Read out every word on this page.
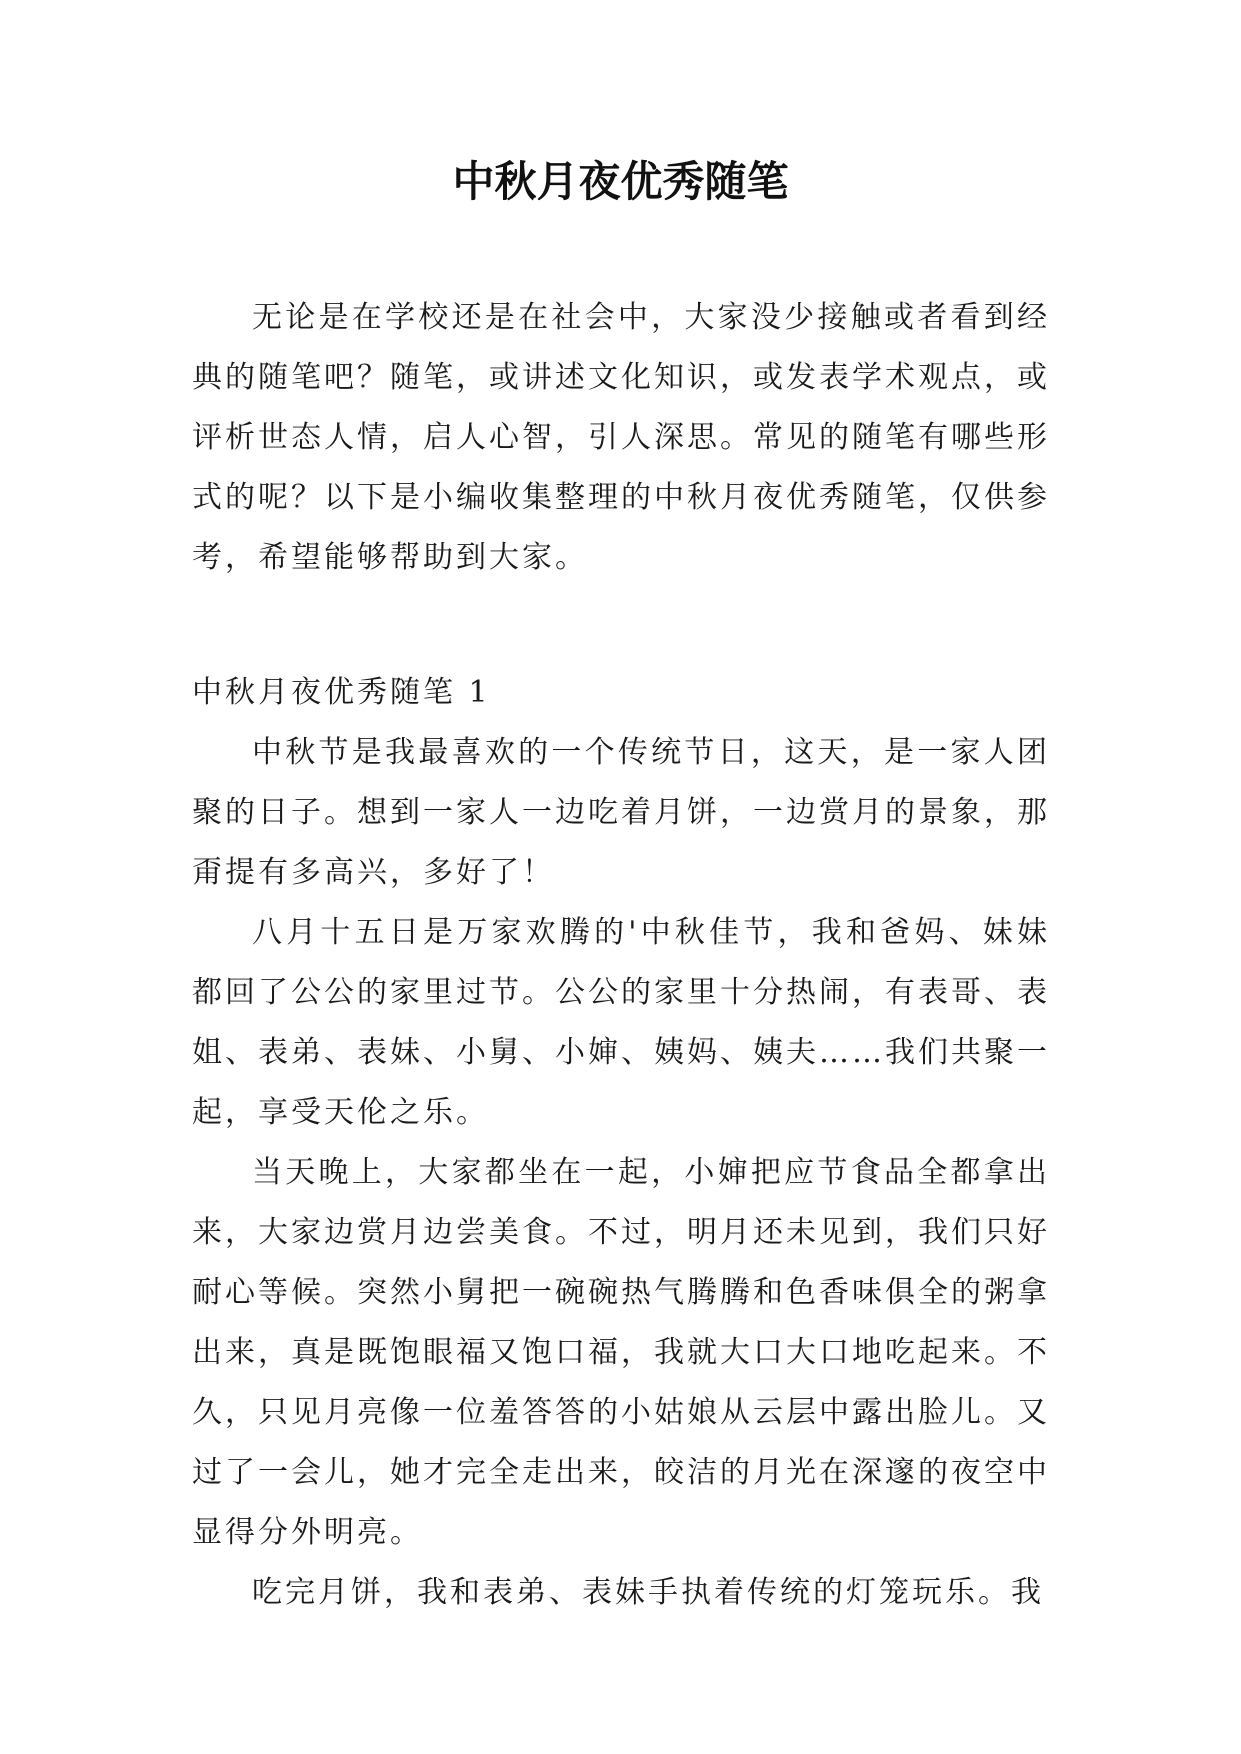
中秋月夜优秀随笔

无论是在学校还是在社会中，大家没少接触或者看到经典的随笔吧？随笔，或讲述文化知识，或发表学术观点，或评析世态人情，启人心智，引人深思。常见的随笔有哪些形式的呢？以下是小编收集整理的中秋月夜优秀随笔，仅供参考，希望能够帮助到大家。

中秋月夜优秀随笔 1

中秋节是我最喜欢的一个传统节日，这天，是一家人团聚的日子。想到一家人一边吃着月饼，一边赏月的景象，那甭提有多高兴，多好了！

八月十五日是万家欢腾的'中秋佳节，我和爸妈、妹妹都回了公公的家里过节。公公的家里十分热闹，有表哥、表姐、表弟、表妹、小舅、小婶、姨妈、姨夫……我们共聚一起，享受天伦之乐。

当天晚上，大家都坐在一起，小婶把应节食品全都拿出来，大家边赏月边尝美食。不过，明月还未见到，我们只好耐心等候。突然小舅把一碗碗热气腾腾和色香味俱全的粥拿出来，真是既饱眼福又饱口福，我就大口大口地吃起来。不久，只见月亮像一位羞答答的小姑娘从云层中露出脸儿。又过了一会儿，她才完全走出来，皎洁的月光在深邃的夜空中显得分外明亮。

吃完月饼，我和表弟、表妹手执着传统的灯笼玩乐。我
